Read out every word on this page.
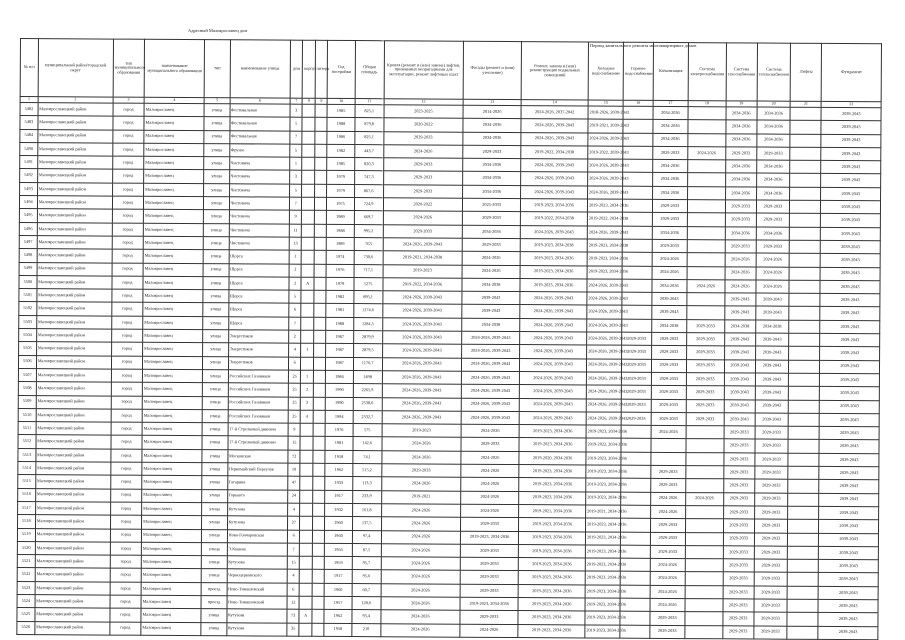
Адресный Малоярославец дом
Период капитального ремонта многоквартирных домов
№ п/п	муниципальный район/городской округ	тип муниципального образования	наименование муниципального образования	тип	наименование улицы	дом	корпус	литера	Год постройки	Общая площадь	Кровля (ремонт и (или) замена) лифтов, признанных непригодными для эксплуатации, ремонт лифтовых шахт	Фасады (ремонт и (или) утепление)	Ремонт, замена и (или) реконструкция подвальных помещений	Холодное водоснабжение	Горячее водоснабжение	Канализация	Система электроснабжения	Система газоснабжения	Система теплоснабжения	Лифты	Фундамент
1	2	3	4	5	6	7	8	9	10	11	12	13	14	15	16	17	18	19	20	21	22
5482	Малоярославецкий район	город	Малоярославец	улица	Фестивальная	3			1985	825,1	2023-2025	2014-2026	2024-2026, 2037-2042	2018-2026, 2039-2043		2034-2036		2034-2036	2034-2036		2039-2043
5483	Малоярославецкий район	город	Малоярославец	улица	Фестивальная	5			1988	879,8	2020-2022	2034-2036	2024-2026, 2039-2043	2019-2021, 2039-2043		2034-2036		2034-2036	2034-2036		2039-2043
5484	Малоярославецкий район	город	Малоярославец	улица	Фестивальная	7			1986	825,1	2029-2033	2034-2036	2024-2026, 2039-2043	2024-2026, 2039-2043		2034-2036		2034-2036	2034-2036		2039-2043
5490	Малоярославецкий район	город	Малоярославец	улица	Фрунзе	5			1982	443,7	2024-2026	2029-2033	2019-2022, 2034-2038	2019-2022, 2039-2043		2029-2033	2024-2026	2029-2033	2029-2033		2039-2043
5491	Малоярославецкий район	город	Малоярославец	улица	Чистовича	1			1985	820,3	2029-2033	2034-2036	2024-2026, 2039-2043	2024-2026, 2039-2043		2034-2036		2034-2036	2034-2036		2039-2043
5492	Малоярославецкий район	город	Малоярославец	улица	Чистовича	3			1979	747,3	2029-2033	2034-2036	2024-2026, 2039-2043	2024-2026, 2039-2043		2034-2036		2034-2036	2034-2036		2039-2043
5493	Малоярославецкий район	город	Малоярославец	улица	Чистовича	5			1979	867,6	2029-2033	2034-2036	2024-2026, 2039-2043	2024-2026, 2039-2043		2034-2036		2034-2036	2034-2036		2039-2043
5494	Малоярославецкий район	город	Малоярославец	улица	Чистовича	7			1975	724,9	2020-2022	2025-2033	2019-2023, 2034-2036	2019-2023, 2034-2036		2029-2033		2029-2033	2029-2033		2039-2043
5495	Малоярославецкий район	город	Малоярославец	улица	Чистовича	9			1989	669,7	2024-2026	2029-2033	2019-2022, 2034-2038	2019-2022, 2034-2038		2029-2033		2029-2033	2029-2033		2039-2043
5496	Малоярославецкий район	город	Малоярославец	улица	Чистовича	11			1988	995,2	2029-2033	2034-2036	2024-2026, 2039-2043	2024-2026, 2039-2043		2034-2036		2034-2036	2034-2036		2039-2043
5497	Малоярославецкий район	город	Малоярославец	улица	Чистовича	13			1989	763	2024-2026, 2039-2043	2029-2033	2019-2023, 2034-2038	2019-2023, 2034-2038		2029-2033		2029-2033	2029-2033		2039-2043
5498	Малоярославецкий район	город	Малоярославец	улица	Щорса	1			1974	730,6	2019-2021, 2034-2038	2024-2026	2019-2023, 2034-2036	2019-2023, 2034-2036		2024-2026		2024-2026	2024-2026		2039-2043
5499	Малоярославецкий район	город	Малоярославец	улица	Щорса	2			1976	717,1	2019-2023	2024-2026	2019-2023, 2034-2036	2019-2023, 2034-2036		2024-2026		2024-2026	2024-2026		2039-2043
5500	Малоярославецкий район	город	Малоярославец	улица	Щорса	2	A		1979	1275	2019-2022, 2034-2036	2034-2038	2019-2023, 2034-2036	2024-2026, 2039-2043		2034-2036	2024-2026	2024-2026	2024-2026		2039-2043
5501	Малоярославецкий район	город	Малоярославец	улица	Щорса	5			1982	895,1	2024-2026, 2039-2043	2039-2043	2024-2026, 2039-2043	2024-2026, 2039-2043		2039-2043		2039-2043	2039-2043		2039-2043
5502	Малоярославецкий район	город	Малоярославец	улица	Щорса	6			1981	1274,6	2024-2026, 2039-2043	2039-2043	2024-2026, 2039-2043	2024-2026, 2039-2043		2039-2043		2039-2043	2039-2043		2039-2043
5503	Малоярославецкий район	город	Малоярославец	улица	Щорса	7			1988	1284,5	2024-2026, 2039-2043	2034-2038	2024-2026, 2039-2043	2024-2026, 2039-2043		2034-2038	2029-2033	2034-2038	2034-2038		2039-2043
5504	Малоярославецкий район	город	Малоярославец	улица	Энергетиков	2			1987	2879,9	2024-2026, 2039-2043	2024-2026, 2039-2043	2024-2026, 2039-2043	2024-2026, 2039-2043	2029-2033	2029-2033	2029-2033	2039-2043	2039-2043		2039-2043
5505	Малоярославецкий район	город	Малоярославец	улица	Энергетиков	4	1		1987	2879,5	2024-2026, 2039-2043	2024-2026, 2039-2043	2024-2026, 2039-2043	2024-2026, 2039-2043	2029-2033	2029-2033	2029-2033	2039-2043	2039-2043		2039-2043
5506	Малоярославецкий район	город	Малоярославец	улица	Энергетиков	6			1987	1176,7	2024-2026, 2039-2043	2024-2026, 2039-2043	2024-2026, 2039-2043	2024-2026, 2039-2043	2029-2033	2029-2033	2029-2033	2039-2043	2039-2043		2039-2043
5507	Малоярославецкий район	город	Малоярославец	улица	Российских Газовиков	25	1		1986	1498	2024-2026, 2039-2043	2024-2026, 2039-2043	2024-2026, 2039-2043	2024-2026, 2039-2043	2029-2033	2029-2033	2029-2033	2039-2043	2039-2043		2039-2043
5508	Малоярославецкий район	город	Малоярославец	улица	Российских Газовиков	25	2		1990	2265,9	2024-2026, 2039-2043	2024-2026, 2039-2043	2024-2026, 2039-2043	2024-2026, 2039-2043	2029-2033	2029-2033	2029-2033	2039-2043	2039-2043		2039-2043
5509	Малоярославецкий район	город	Малоярославец	улица	Российских Газовиков	25	3		1990	2538,6	2024-2026, 2039-2043	2024-2026, 2039-2043	2024-2026, 2039-2043	2024-2026, 2039-2043	2029-2033	2029-2033	2029-2033	2039-2043	2039-2043		2039-2043
5510	Малоярославецкий район	город	Малоярославец	улица	Российских Газовиков	25	4		1994	2332,7	2024-2026, 2039-2043	2024-2026, 2039-2043	2024-2026, 2039-2043	2024-2026, 2039-2043	2029-2033	2029-2033	2029-2033	2039-2043	2039-2043		2039-2043
5511	Малоярославецкий район	город	Малоярославец	улица	17-й Стрелковой дивизии	9			1976	575	2019-2023	2024-2026	2019-2023, 2034-2036	2019-2023, 2034-2036		2024-2026		2029-2033	2029-2033		2039-2043
5512	Малоярославецкий район	город	Малоярославец	улица	17-й Стрелковой дивизии	15			1981	142,6	2024-2026	2029-2033	2019-2023, 2034-2036	2019-2022, 2034-2036				2029-2033	2029-2033		2039-2043
5513	Малоярославецкий район	город	Малоярославец	улица	Московская	72			1958	74,1	2024-2026	2024-2026	2019-2020, 2034-2036	2019-2023, 2034-2036				2029-2033	2029-2033		2039-2043
5514	Малоярославецкий район	город	Малоярославец	улица	Первомайский Переулок	10			1962	515,2	2029-2033	2024-2026	2019-2023, 2034-2036	2019-2023, 2034-2036		2029-2033		2029-2033	2029-2033		2039-2043
5515	Малоярославецкий район	город	Малоярославец	улица	Гагарина	47			1933	113,3	2024-2026	2024-2026	2019-2023, 2034-2036	2019-2023, 2034-2036		2029-2033		2029-2033	2029-2033		2039-2043
5516	Малоярославецкий район	город	Малоярославец	улица	Горького	24			1917	233,9	2019-2021	2024-2026	2019-2023, 2034-2036	2019-2023, 2034-2036		2024-2026	2024-2026	2029-2033	2029-2033		2039-2043
5517	Малоярославецкий район	город	Малоярославец	улица	Кутузова	4			1932	161,8	2024-2026	2024-2026	2019-2021, 2034-2036	2019-2021, 2034-2036		2024-2026		2029-2033	2029-2033		2039-2043
5518	Малоярославецкий район	город	Малоярославец	улица	Кутузова	27			1960	137,5	2024-2026	2029-2033	2019-2023, 2034-2036	2019-2023, 2034-2036		2029-2033		2029-2033	2029-2033		2039-2043
5519	Малоярославецкий район	город	Малоярославец	улица	Ново-Гончаровская	6			1960	97,4	2024-2026	2019-2023, 2034-2036	2019-2023, 2034-2036	2019-2023, 2034-2036		2029-2033		2029-2033	2029-2033		2039-2043
5520	Малоярославецкий район	город	Малоярославец	улица	Э.Кокина	7			1956	87,5	2024-2026	2029-2033	2019-2023, 2034-2036	2019-2023, 2034-2036		2029-2033		2029-2033	2029-2033		2039-2043
5521	Малоярославецкий район	город	Малоярославец	улица	Кутузова	15			1959	95,7	2024-2026	2029-2033	2019-2023, 2034-2036	2019-2023, 2034-2036		2024-2026		2029-2033	2029-2033		2039-2043
5522	Малоярославецкий район	город	Малоярославец	улица	Черноцерковского	4			1917	95,6	2024-2026	2029-2033	2019-2023, 2034-2036	2019-2023, 2034-2036		2024-2026		2029-2033	2029-2033		2039-2043
5523	Малоярославецкий район	город	Малоярославец	проезд	Ново-Тимашевский	6			1960	60,7	2024-2026	2029-2033	2019-2023, 2034-2036	2019-2023, 2034-2036		2024-2026		2029-2033	2029-2033		2039-2043
5524	Малоярославецкий район	город	Малоярославец	проезд	Ново-Тимашевский	12			1957	128,6	2024-2026	2019-2023, 2034-2036	2019-2023, 2034-2036	2019-2023, 2034-2036		2024-2026		2029-2033	2029-2033		2039-2043
5525	Малоярославецкий район	город	Малоярославец	улица	Кутузова	73	A		1962	93,4	2024-2026	2029-2033	2019-2023, 2034-2036	2019-2023, 2034-2036		2029-2033		2029-2033	2029-2033		2039-2043
5526	Малоярославецкий район	город	Малоярославец	улица	Кутузова	35			1958	210	2024-2026	2024-2026	2019-2023, 2034-2036	2019-2023, 2034-2036		2029-2033		2029-2033	2029-2033		2039-2043
